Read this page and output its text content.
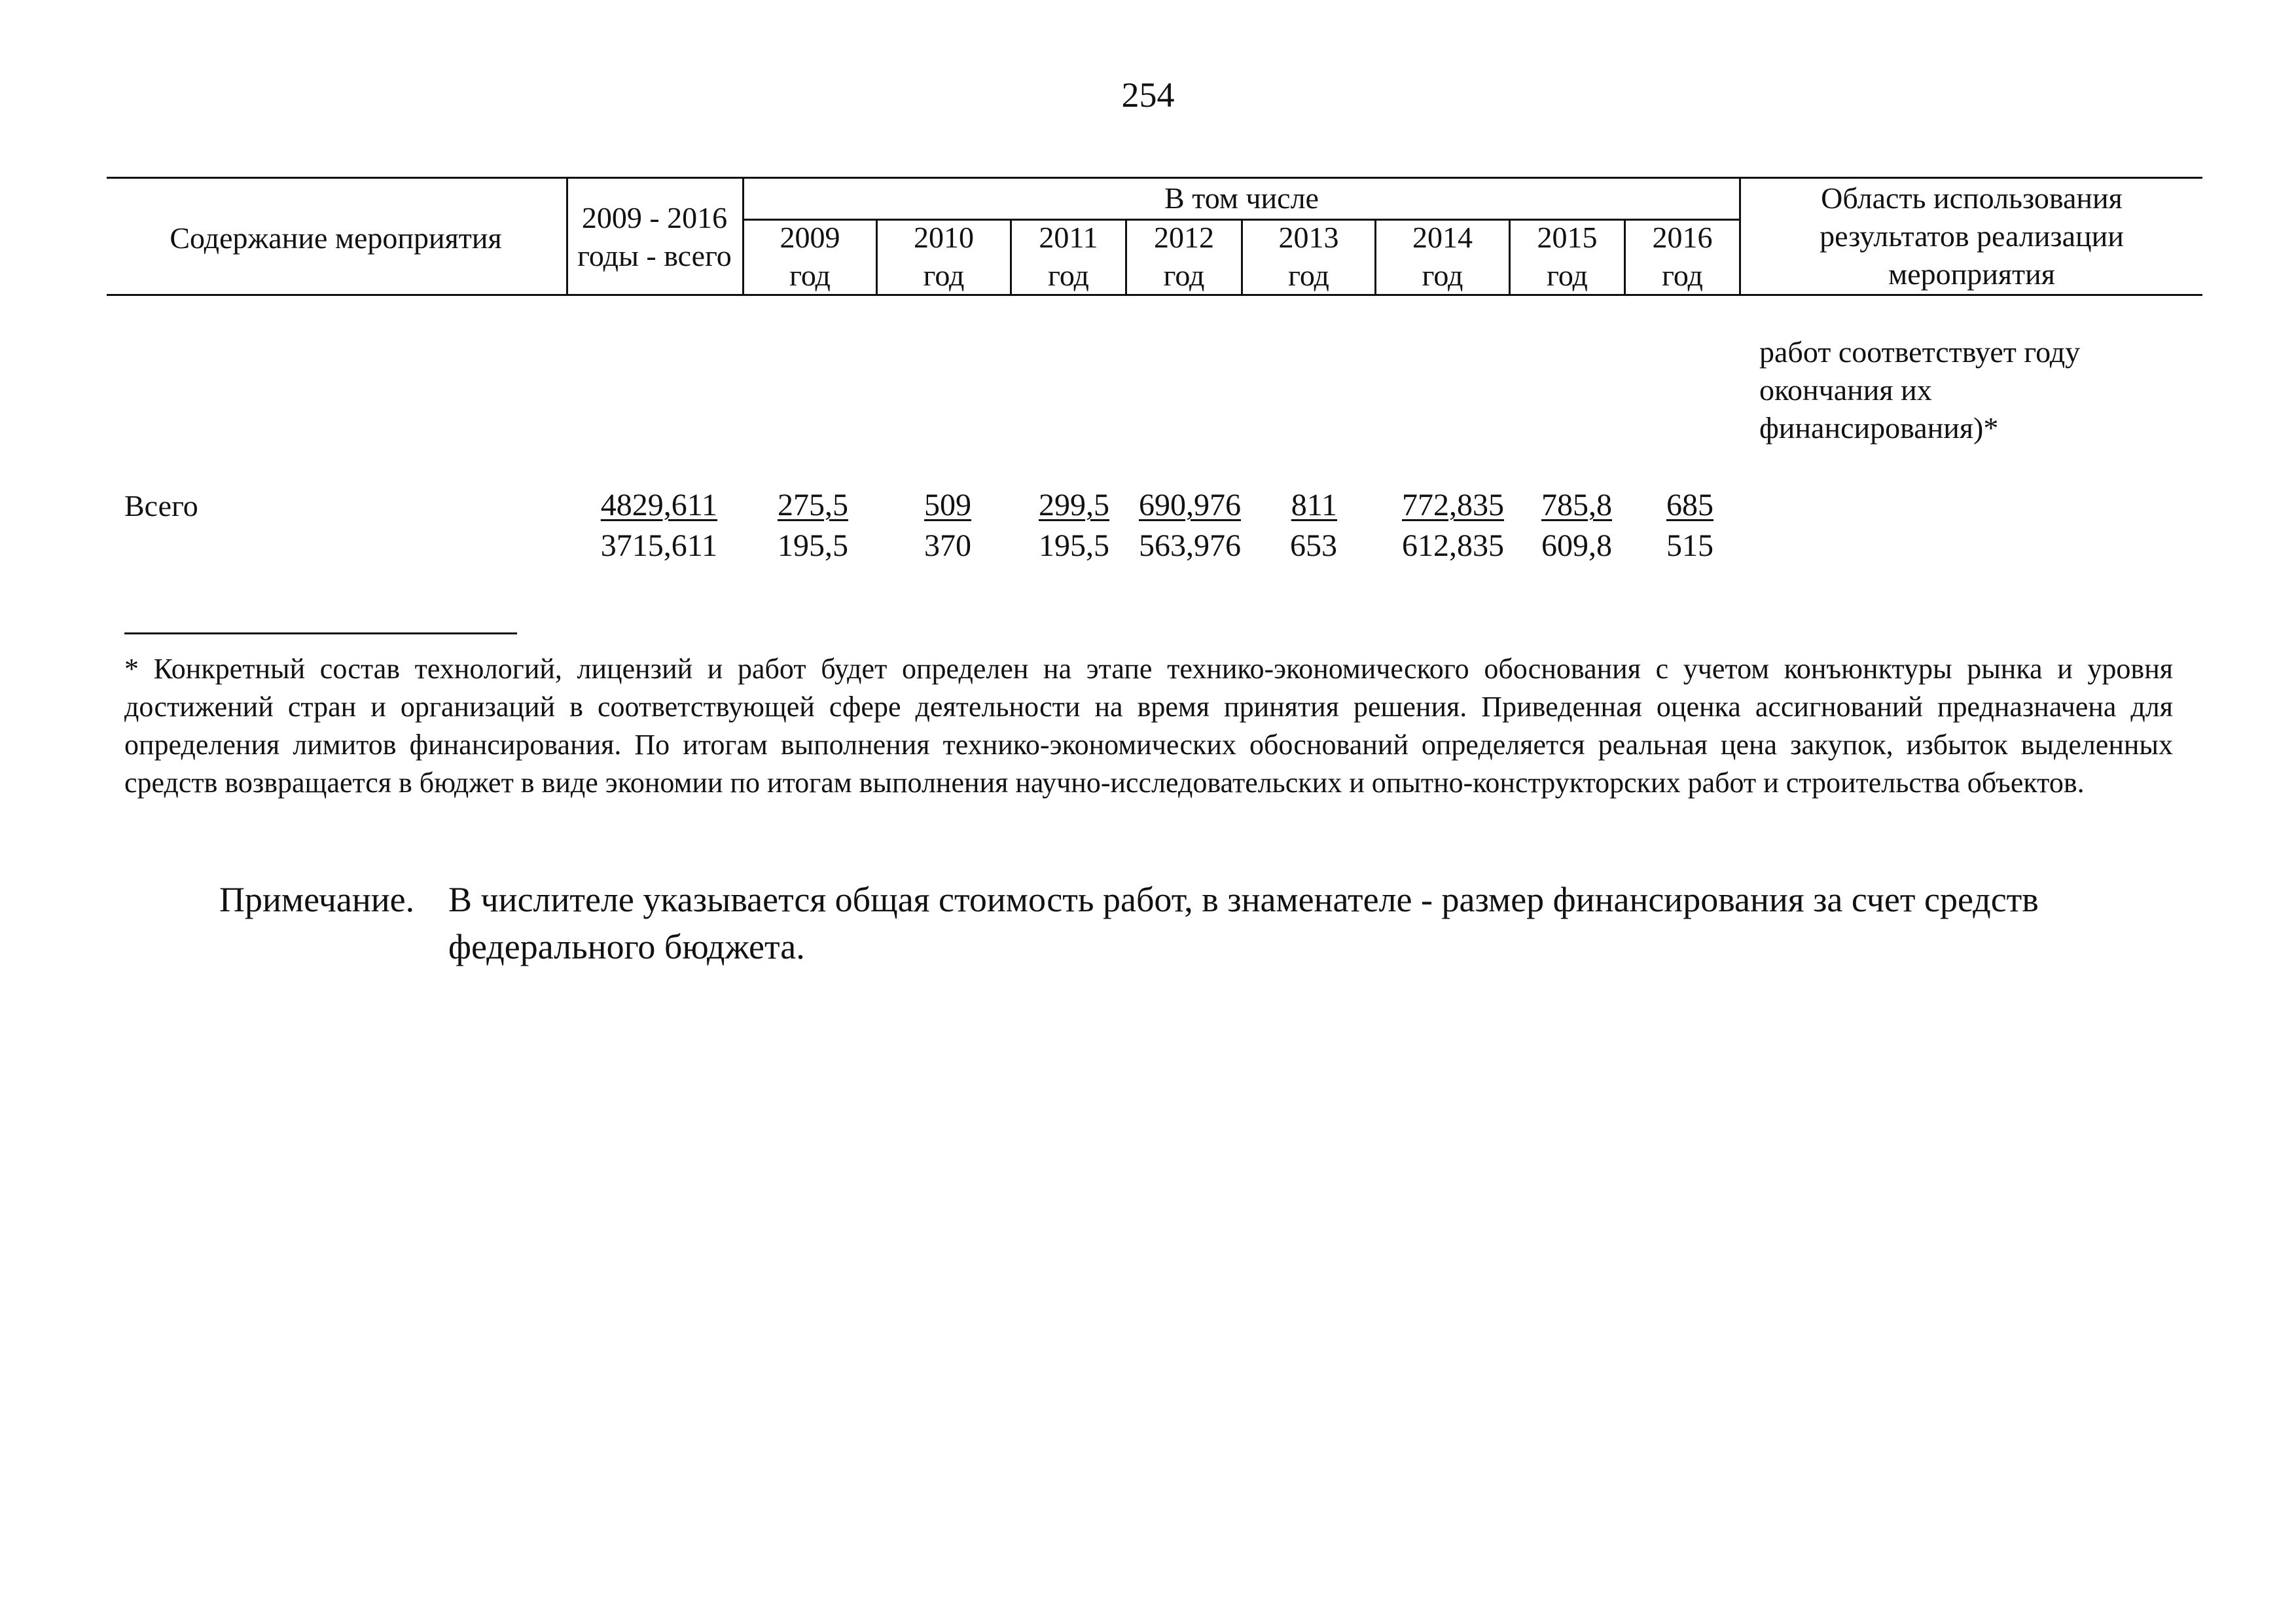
254
Содержание мероприятия
2009 - 2016
годы - всего
В том числе
2009
год
2010
год
2011
год
2012
год
2013
год
2014
год
2015
год
2016
год
Область использования
результатов реализации
мероприятия
работ соответствует году
окончания их
финансирования)*
Всего	$\frac{4829,611}{3715,611} \frac{275,5}{195,5} \frac{509}{370} \frac{299,5}{195,5} \frac{690,976}{563,976} \frac{811}{653} \frac{772,835}{612,835} \frac{785,8}{609,8} \frac{685}{515}$
* Конкретный состав технологий, лицензий и работ будет определен на этапе технико-экономического обоснования с учетом конъюнктуры рынка и уровня достижений стран и организаций в соответствующей сфере деятельности на время принятия решения. Приведенная оценка ассигнований предназначена для определения лимитов финансирования. По итогам выполнения технико-экономических обоснований определяется реальная цена закупок, избыток выделенных средств возвращается в бюджет в виде экономии по итогам выполнения научно-исследовательских и опытно-конструкторских работ и строительства объектов.
Примечание. В числителе указывается общая стоимость работ, в знаменателе - размер финансирования за счет средств
федерального бюджета.
